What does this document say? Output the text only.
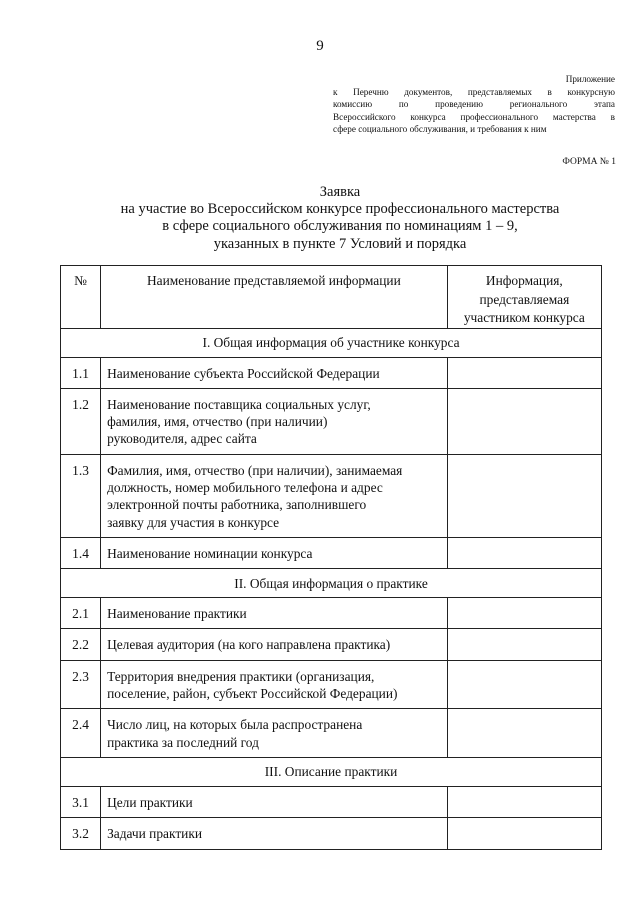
9
Приложение
к Перечню документов, представляемых в конкурсную
комиссию по проведению регионального этапа
Всероссийского конкурса профессионального мастерства в
сфере социального обслуживания, и требования к ним
ФОРМА № 1
Заявка
на участие во Всероссийском конкурсе профессионального мастерства
в сфере социального обслуживания по номинациям 1 – 9,
указанных в пункте 7 Условий и порядка
№	Наименование представляемой информации	Информация,
представляемая
участником конкурса

I. Общая информация об участнике конкурса		
1.1	Наименование субъекта Российской Федерации	
1.2	Наименование поставщика социальных услуг,
фамилия, имя, отчество (при наличии)
руководителя, адрес сайта	

1.3	Фамилия, имя, отчество (при наличии), занимаемая
должность, номер мобильного телефона и адрес
электронной почты работника, заполнившего
заявку для участия в конкурсе	

1.4	Наименование номинации конкурса	
II. Общая информация о практике		
2.1	Наименование практики	
2.2	Целевая аудитория (на кого направлена практика)	
2.3	Территория внедрения практики (организация,
поселение, район, субъект Российской Федерации)	

2.4	Число лиц, на которых была распространена
практика за последний год	

III. Описание практики		
3.1	Цели практики	
3.2	Задачи практики	
